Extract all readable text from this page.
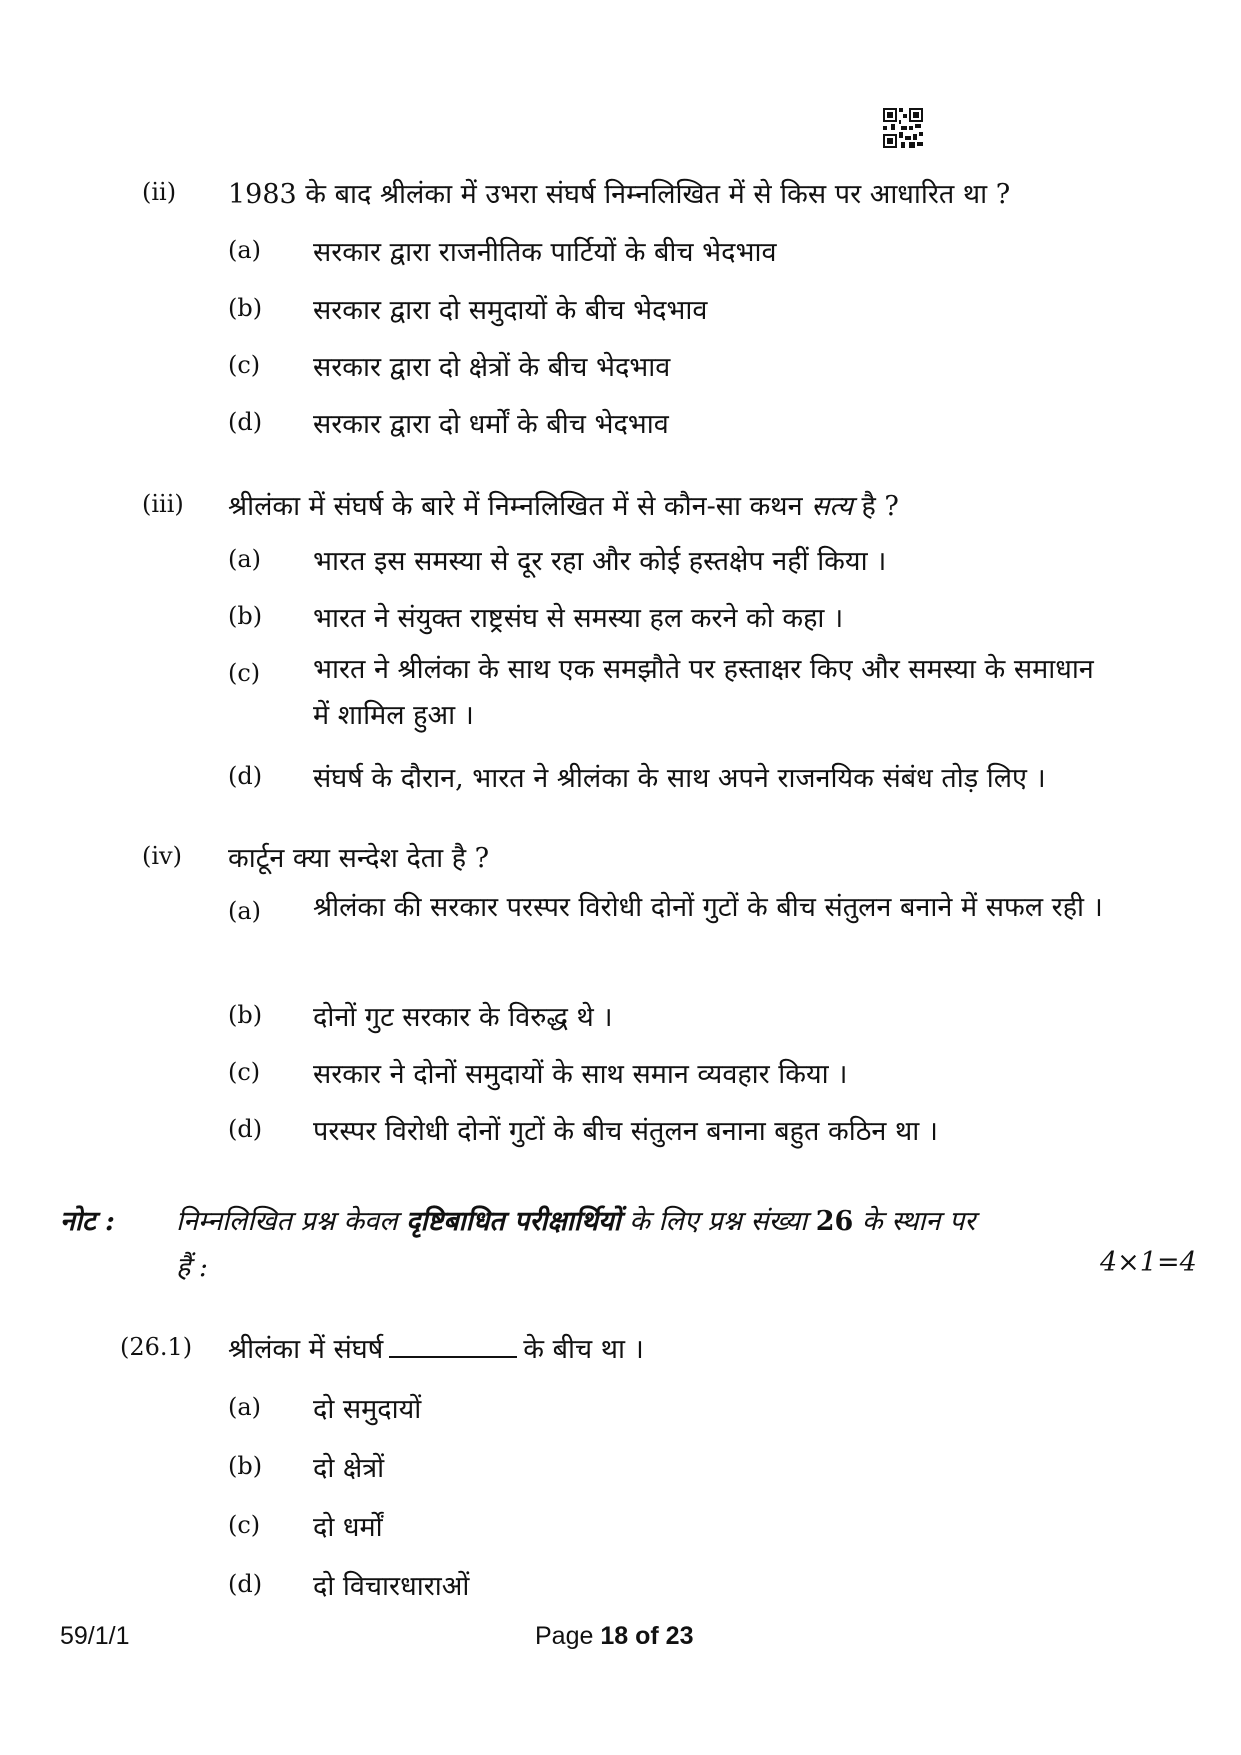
(ii) 1983 के बाद श्रीलंका में उभरा संघर्ष निम्नलिखित में से किस पर आधारित था ?
(a) सरकार द्वारा राजनीतिक पार्टियों के बीच भेदभाव
(b) सरकार द्वारा दो समुदायों के बीच भेदभाव
(c) सरकार द्वारा दो क्षेत्रों के बीच भेदभाव
(d) सरकार द्वारा दो धर्मों के बीच भेदभाव
(iii) श्रीलंका में संघर्ष के बारे में निम्नलिखित में से कौन-सा कथन सत्य है ?
(a) भारत इस समस्या से दूर रहा और कोई हस्तक्षेप नहीं किया ।
(b) भारत ने संयुक्त राष्ट्रसंघ से समस्या हल करने को कहा ।
(c) भारत ने श्रीलंका के साथ एक समझौते पर हस्ताक्षर किए और समस्या के समाधान में शामिल हुआ ।
(d) संघर्ष के दौरान, भारत ने श्रीलंका के साथ अपने राजनयिक संबंध तोड़ लिए ।
(iv) कार्टून क्या सन्देश देता है ?
(a) श्रीलंका की सरकार परस्पर विरोधी दोनों गुटों के बीच संतुलन बनाने में सफल रही ।
(b) दोनों गुट सरकार के विरुद्ध थे ।
(c) सरकार ने दोनों समुदायों के साथ समान व्यवहार किया ।
(d) परस्पर विरोधी दोनों गुटों के बीच संतुलन बनाना बहुत कठिन था ।
नोट : निम्नलिखित प्रश्न केवल दृष्टिबाधित परीक्षार्थियों के लिए प्रश्न संख्या 26 के स्थान पर
हैं :	4×1=4
(26.1) श्रीलंका में संघर्ष	के बीच था ।
(a) दो समुदायों
(b) दो क्षेत्रों
(c) दो धर्मों
(d) दो विचारधाराओं
59/1/1	Page 18 of 23
